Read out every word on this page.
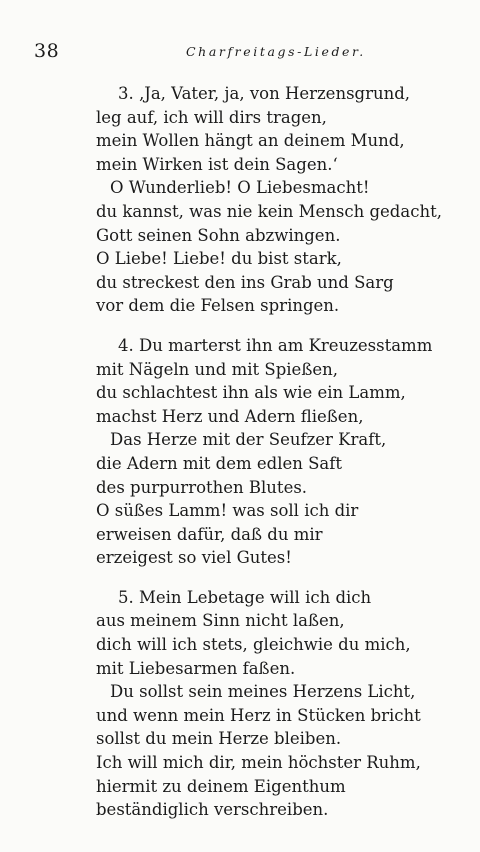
38	Charfreitags-Lieder.
3. ‚Ja, Vater, ja, von Herzensgrund,
leg auf, ich will dirs tragen,
mein Wollen hängt an deinem Mund,
mein Wirken ist dein Sagen.‘
O Wunderlieb! O Liebesmacht!
du kannst, was nie kein Mensch gedacht,
Gott seinen Sohn abzwingen.
O Liebe! Liebe! du bist stark,
du streckest den ins Grab und Sarg
vor dem die Felsen springen.
4. Du marterst ihn am Kreuzesstamm
mit Nägeln und mit Spießen,
du schlachtest ihn als wie ein Lamm,
machst Herz und Adern fließen,
Das Herze mit der Seufzer Kraft,
die Adern mit dem edlen Saft
des purpurrothen Blutes.
O süßes Lamm! was soll ich dir
erweisen dafür, daß du mir
erzeigest so viel Gutes!
5. Mein Lebetage will ich dich
aus meinem Sinn nicht laßen,
dich will ich stets, gleichwie du mich,
mit Liebesarmen faßen.
Du sollst sein meines Herzens Licht,
und wenn mein Herz in Stücken bricht
sollst du mein Herze bleiben.
Ich will mich dir, mein höchster Ruhm,
hiermit zu deinem Eigenthum
beständiglich verschreiben.
